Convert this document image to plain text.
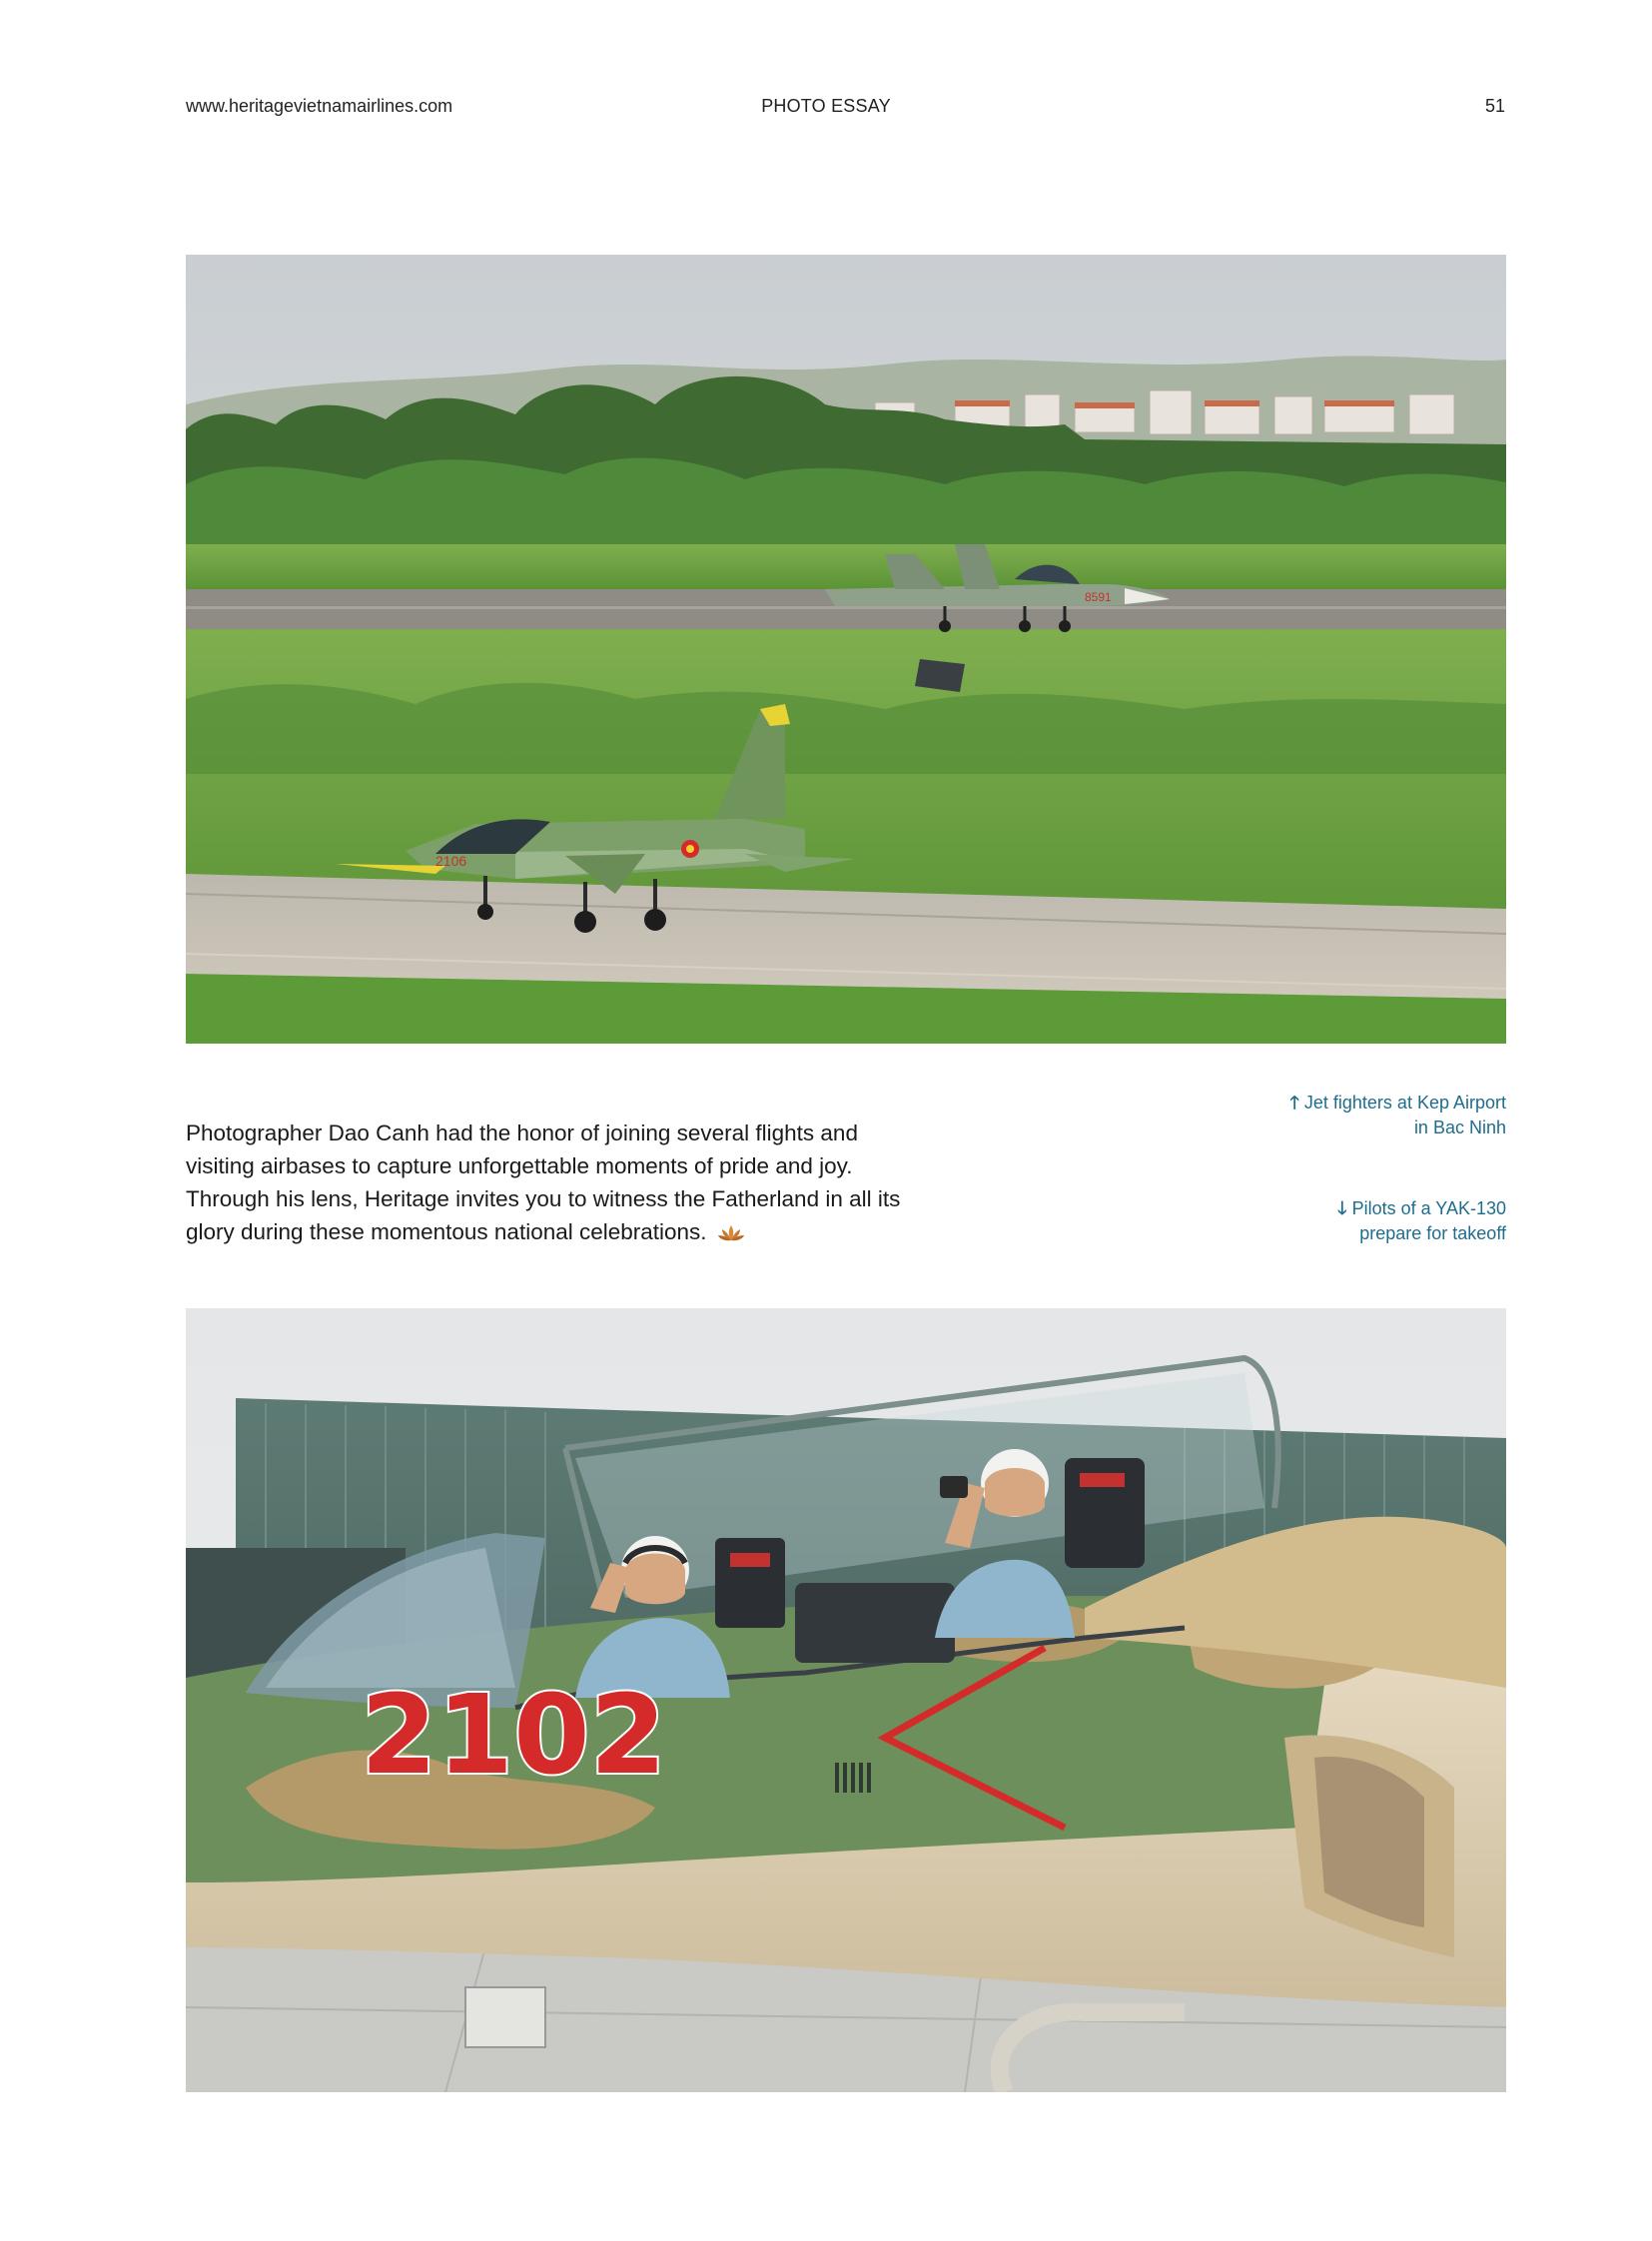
www.heritagevietnamairlines.com	PHOTO ESSAY	51
8591
2106
Photographer Dao Canh had the honor of joining several flights and visiting airbases to capture unforgettable moments of pride and joy. Through his lens, Heritage invites you to witness the Fatherland in all its glory during these momentous national celebrations.
🡑 Jet fighters at Kep Airport
in Bac Ninh
🡓 Pilots of a YAK-130
prepare for takeoff
2102
